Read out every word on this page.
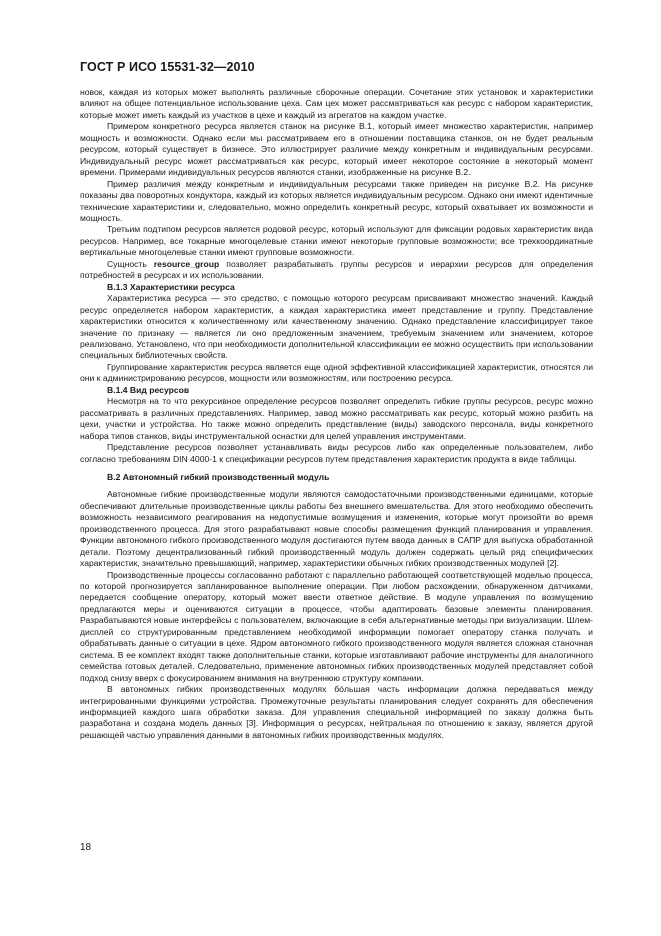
ГОСТ Р ИСО 15531-32—2010

новок, каждая из которых может выполнять различные сборочные операции. Сочетание этих установок и характеристики влияют на общее потенциальное использование цеха. Сам цех может рассматриваться как ресурс с набором характеристик, которые может иметь каждый из участков в цехе и каждый из агрегатов на каждом участке.

Примером конкретного ресурса является станок на рисунке В.1, который имеет множество характеристик, например мощность и возможности. Однако если мы рассматриваем его в отношении поставщика станков, он не будет реальным ресурсом, который существует в бизнесе. Это иллюстрирует различие между конкретным и индивидуальным ресурсами. Индивидуальный ресурс может рассматриваться как ресурс, который имеет некоторое состояние в некоторый момент времени. Примерами индивидуальных ресурсов являются станки, изображенные на рисунке В.2.

Пример различия между конкретным и индивидуальным ресурсами также приведен на рисунке В.2. На рисунке показаны два поворотных кондуктора, каждый из которых является индивидуальным ресурсом. Однако они имеют идентичные технические характеристики и, следовательно, можно определить конкретный ресурс, который охватывает их возможности и мощность.

Третьим подтипом ресурсов является родовой ресурс, который используют для фиксации родовых характеристик вида ресурсов. Например, все токарные многоцелевые станки имеют некоторые групповые возможности; все трехкоординатные вертикальные многоцелевые станки имеют групповые возможности.

Сущность resource_group позволяет разрабатывать группы ресурсов и иерархии ресурсов для определения потребностей в ресурсах и их использовании.

В.1.3 Характеристики ресурса

Характеристика ресурса — это средство, с помощью которого ресурсам присваивают множество значений. Каждый ресурс определяется набором характеристик, а каждая характеристика имеет представление и группу. Представление характеристики относится к количественному или качественному значению. Однако представление классифицирует такое значение по признаку — является ли оно предложенным значением, требуемым значением или значением, которое реализовано. Установлено, что при необходимости дополнительной классификации ее можно осуществить при использовании специальных библиотечных свойств.

Группирование характеристик ресурса является еще одной эффективной классификацией характеристик, относятся ли они к администрированию ресурсов, мощности или возможностям, или построению ресурса.

В.1.4 Вид ресурсов

Несмотря на то что рекурсивное определение ресурсов позволяет определить гибкие группы ресурсов, ресурс можно рассматривать в различных представлениях. Например, завод можно рассматривать как ресурс, который можно разбить на цехи, участки и устройства. Но также можно определить представление (виды) заводского персонала, виды конкретного набора типов станков, виды инструментальной оснастки для целей управления инструментами.

Представление ресурсов позволяет устанавливать виды ресурсов либо как определенные пользователем, либо согласно требованиям DIN 4000-1 к спецификации ресурсов путем представления характеристик продукта в виде таблицы.

В.2 Автономный гибкий производственный модуль

Автономные гибкие производственные модули являются самодостаточными производственными единицами, которые обеспечивают длительные производственные циклы работы без внешнего вмешательства. Для этого необходимо обеспечить возможность независимого реагирования на недопустимые возмущения и изменения, которые могут произойти во время производственного процесса. Для этого разрабатывают новые способы размещения функций планирования и управления. Функции автономного гибкого производственного модуля достигаются путем ввода данных в САПР для выпуска обработанной детали. Поэтому децентрализованный гибкий производственный модуль должен содержать целый ряд специфических характеристик, значительно превышающий, например, характеристики обычных гибких производственных модулей [2].

Производственные процессы согласованно работают с параллельно работающей соответствующей моделью процесса, по которой прогнозируется запланированное выполнение операции. При любом расхождении, обнаруженном датчиками, передается сообщение оператору, который может ввести ответное действие. В модуле управления по возмущению предлагаются меры и оцениваются ситуации в процессе, чтобы адаптировать базовые элементы планирования. Разрабатываются новые интерфейсы с пользователем, включающие в себя альтернативные методы при визуализации. Шлем-дисплей со структурированным представлением необходимой информации помогает оператору станка получать и обрабатывать данные о ситуации в цехе. Ядром автономного гибкого производственного модуля является сложная станочная система. В ее комплект входят также дополнительные станки, которые изготавливают рабочие инструменты для аналогичного семейства готовых деталей. Следовательно, применение автономных гибких производственных модулей представляет собой подход снизу вверх с фокусированием внимания на внутреннюю структуру компании.

В автономных гибких производственных модулях бóльшая часть информации должна передаваться между интегрированными функциями устройства. Промежуточные результаты планирования следует сохранять для обеспечения информацией каждого шага обработки заказа. Для управления специальной информацией по заказу должна быть разработана и создана модель данных [3]. Информация о ресурсах, нейтральная по отношению к заказу, является другой решающей частью управления данными в автономных гибких производственных модулях.

18
